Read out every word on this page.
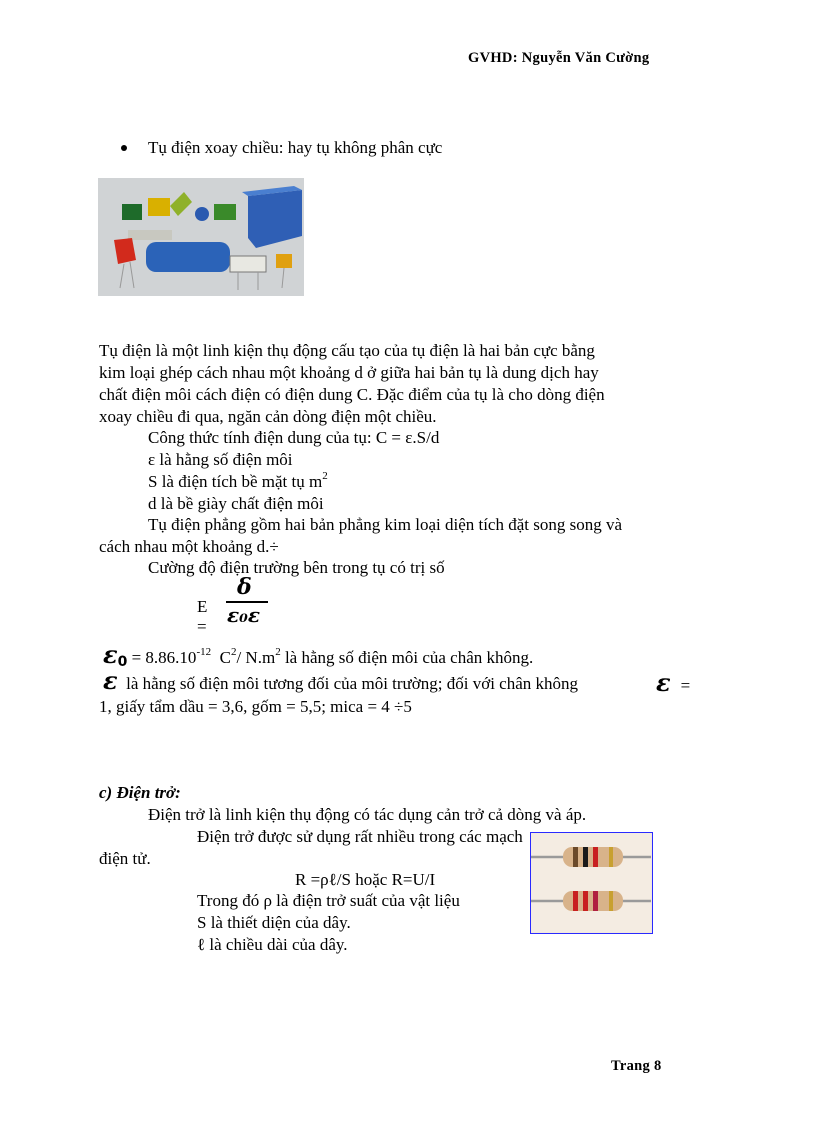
GVHD: Nguyễn Văn Cường
Tụ điện xoay chiều: hay tụ không phân cực
Tụ điện là một linh kiện thụ động cấu tạo của tụ điện là hai bản cực bằng
kim loại ghép cách nhau một khoảng d ở giữa hai bản tụ là dung dịch hay
chất điện môi cách điện có điện dung C. Đặc điểm của tụ là cho dòng điện
xoay chiều đi qua, ngăn cản dòng điện một chiều.
Công thức tính điện dung của tụ: C = ε.S/d
ε là hằng số điện môi
S là điện tích bề mặt tụ $m^2$
d là bề giày chất điện môi
Tụ điện phẳng gồm hai bản phẳng kim loại diện tích đặt song song và
cách nhau một khoảng d.÷
Cường độ điện trường bên trong tụ có trị số
E =
δ
ε₀ε
$\varepsilon 0 = 8.86.10^{-12}$ $C^2/$ $N.m^2$ là hằng số điện môi của chân không.
ε là hằng số điện môi tương đối của môi trường; đối với chân không	ε =
1, giấy tẩm dầu = 3,6, gốm = 5,5; mica = 4 ÷5
c) Điện trở:
Điện trở là linh kiện thụ động có tác dụng cản trở cả dòng và áp.
Điện trở được sử dụng rất nhiều trong các mạch
điện tử.
R =ρℓ/S hoặc R=U/I
Trong đó ρ là điện trở suất của vật liệu
S là thiết diện của dây.
ℓ là chiều dài của dây.
Trang 8
